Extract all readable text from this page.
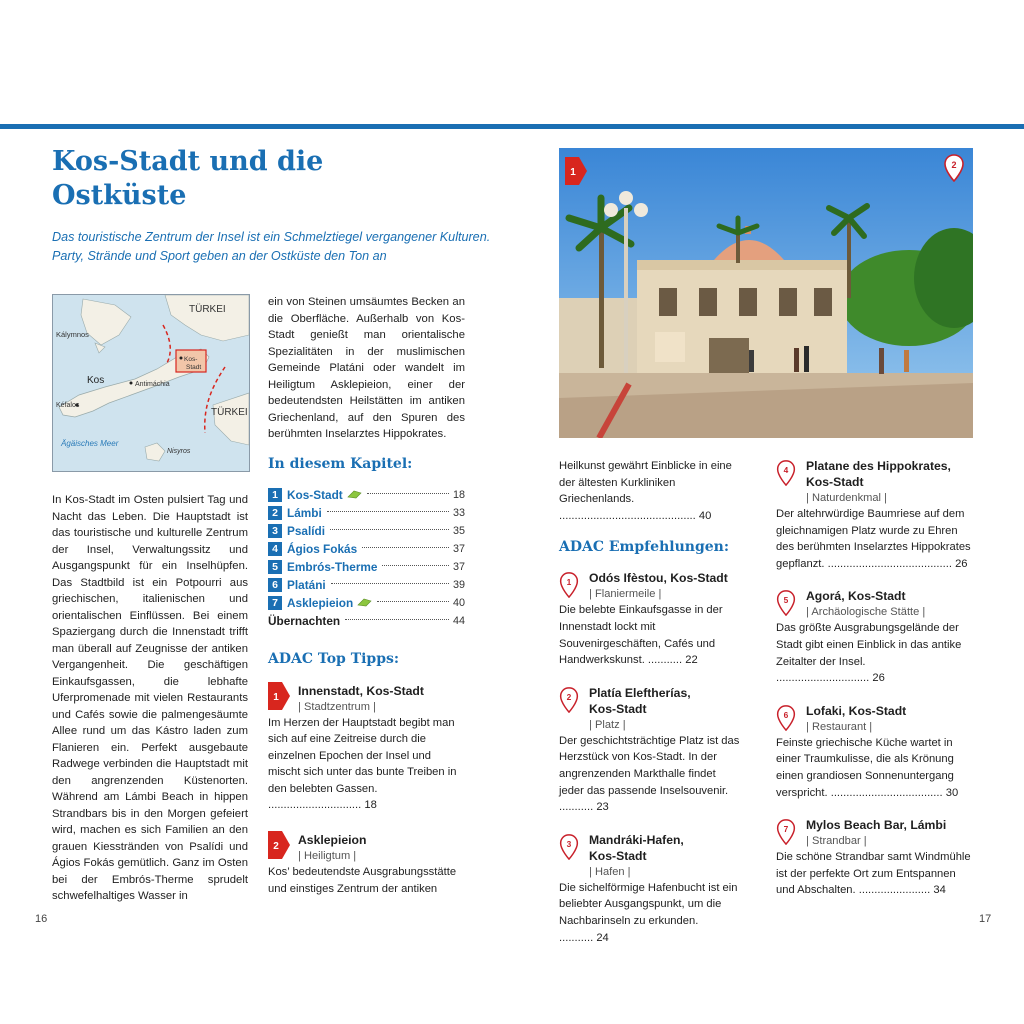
Kos-Stadt und die
Ostküste

Das touristische Zentrum der Insel ist ein Schmelztiegel vergangener Kulturen. Party, Strände und Sport geben an der Ostküste den Ton an

TÜRKEI
Kálymnos
Kos-
Stadt
Kos	Antimáchia
Kéfalos
TÜRKEI
Ägäisches Meer
Nisyros

In Kos-Stadt im Osten pulsiert Tag und Nacht das Leben. Die Hauptstadt ist das touristische und kulturelle Zentrum der Insel, Verwaltungssitz und Ausgangspunkt für ein Inselhüpfen. Das Stadtbild ist ein Potpourri aus griechischen, italienischen und orientalischen Einflüssen. Bei einem Spaziergang durch die Innenstadt trifft man überall auf Zeugnisse der antiken Vergangenheit. Die geschäftigen Einkaufsgassen, die lebhafte Uferpromenade mit vielen Restaurants und Cafés sowie die palmengesäumte Allee rund um das Kástro laden zum Flanieren ein. Perfekt ausgebaute Radwege verbinden die Hauptstadt mit den angrenzenden Küstenorten. Während am Lámbi Beach in hippen Strandbars bis in den Morgen gefeiert wird, machen es sich Familien an den grauen Kiesstränden von Psalídi und Ágios Fokás gemütlich. Ganz im Osten bei der Embrós-Therme sprudelt schwefelhaltiges Wasser in

ein von Steinen umsäumtes Becken an die Oberfläche. Außerhalb von Kos-Stadt genießt man orientalische Spezialitäten in der muslimischen Gemeinde Platáni oder wandelt im Heiligtum Asklepieion, einer der bedeutendsten Heilstätten im antiken Griechenland, auf den Spuren des berühmten Inselarztes Hippokrates.

In diesem Kapitel:
1 Kos-Stadt	18
2 Lámbi	33
3 Psalídi	35
4 Ágios Fokás	37
5 Embrós-Therme	37
6 Platáni	39
7 Asklepieion	40
Übernachten	44
ADAC Top Tipps:
1 Innenstadt, Kos-Stadt

| Stadtzentrum |

Im Herzen der Hauptstadt begibt man sich auf eine Zeitreise durch die einzelnen Epochen der Insel und mischt sich unter das bunte Treiben in den belebten Gassen. .............................. 18

2 Asklepieion

| Heiligtum |

Kos’ bedeutendste Ausgrabungsstätte und einstiges Zentrum der antiken

16
1
2

Heilkunst gewährt Einblicke in eine der ältesten Kurkliniken Griechenlands. ............................................ 40

ADAC Empfehlungen:
1 Odós Ifèstou, Kos-Stadt

| Flaniermeile |

Die belebte Einkaufsgasse in der Innenstadt lockt mit Souvenirgeschäften, Cafés und Handwerkskunst. ........... 22

2 Platía Eleftherías,
Kos-Stadt

| Platz |

Der geschichtsträchtige Platz ist das Herzstück von Kos-Stadt. In der angrenzenden Markthalle findet jeder das passende Inselsouvenir. ........... 23

3 Mandráki-Hafen,
Kos-Stadt

| Hafen |

Die sichelförmige Hafenbucht ist ein beliebter Ausgangspunkt, um die Nachbarinseln zu erkunden. ........... 24

4 Platane des Hippokrates,
Kos-Stadt

| Naturdenkmal |

Der altehrwürdige Baumriese auf dem gleichnamigen Platz wurde zu Ehren des berühmten Inselarztes Hippokrates gepflanzt. ........................................ 26

5 Agorá, Kos-Stadt

| Archäologische Stätte |

Das größte Ausgrabungsgelände der Stadt gibt einen Einblick in das antike Zeitalter der Insel. .............................. 26

6 Lofaki, Kos-Stadt

| Restaurant |

Feinste griechische Küche wartet in einer Traumkulisse, die als Krönung einen grandiosen Sonnenuntergang verspricht. .................................... 30

7 Mylos Beach Bar, Lámbi

| Strandbar |

Die schöne Strandbar samt Windmühle ist der perfekte Ort zum Entspannen und Abschalten. ....................... 34

17
